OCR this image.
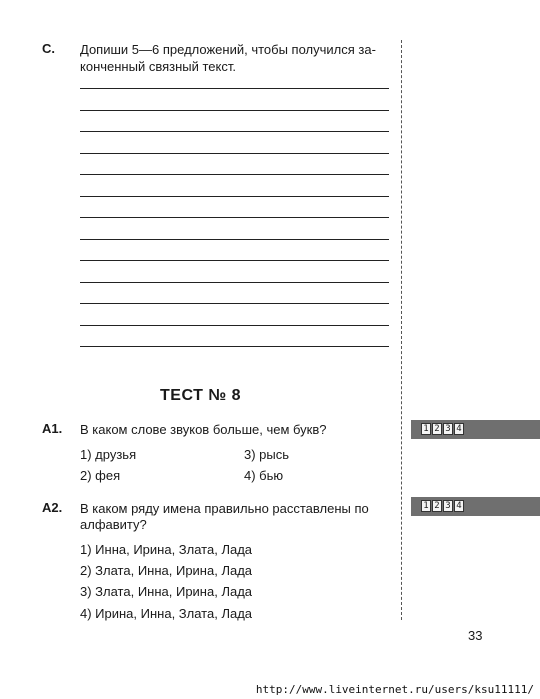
С. Допиши 5—6 предложений, чтобы получился за-
конченный связный текст.
ТЕСТ № 8
А1. В каком слове звуков больше, чем букв?
1) друзья	3) рысь
2) фея	4) бью
1 2 3 4
А2. В каком ряду имена правильно расставлены по
алфавиту?
1) Инна, Ирина, Злата, Лада
2) Злата, Инна, Ирина, Лада
3) Злата, Инна, Ирина, Лада
4) Ирина, Инна, Злата, Лада
1 2 3 4
33
http://www.liveinternet.ru/users/ksu11111/
